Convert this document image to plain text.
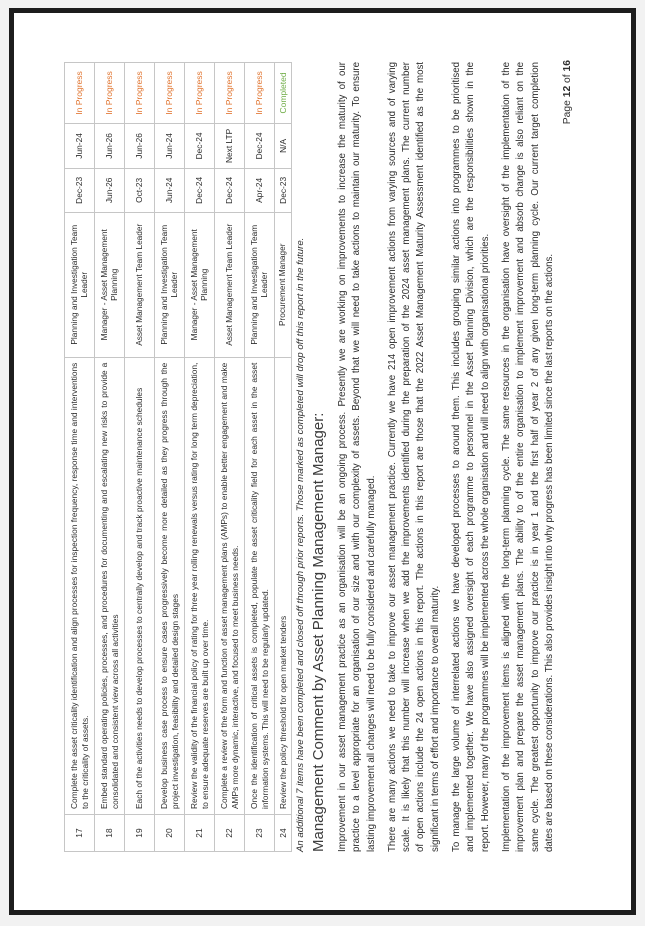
17
Complete the asset criticality identification and align processes for inspection frequency, response time and interventions to the criticality of assets.
Planning and Investigation Team Leader
Dec-23
Jun-24
In Progress
18
Embed standard operating policies, processes, and procedures for documenting and escalating new risks to provide a consolidated and consistent view across all activities
Manager - Asset Management Planning
Jun-26
Jun-26
In Progress
19
Each of the activities needs to develop processes to centrally develop and track proactive maintenance schedules
Asset Management Team Leader
Oct-23
Jun-26
In Progress
20
Develop business case process to ensure cases progressively become more detailed as they progress through the project investigation, feasibility and detailed design stages
Planning and Investigation Team Leader
Jun-24
Jun-24
In Progress
21
Review the validity of the financial policy of rating for three year rolling renewals versus rating for long term depreciation, to ensure adequate reserves are built up over time.
Manager - Asset Management Planning
Dec-24
Dec-24
In Progress
22
Complete a review of the form and function of asset management plans (AMPs) to enable better engagement and make AMPs more dynamic, interactive, and focused to meet business needs.
Asset Management Team Leader
Dec-24
Next LTP
In Progress
23
Once the identification of critical assets is completed, populate the asset criticality field for each asset in the asset information systems. This will need to be regularly updated.
Planning and Investigation Team Leader
Apr-24
Dec-24
In Progress
24
Review the policy threshold for open market tenders
Procurement Manager
Dec-23
N/A
Completed
An additional 7 items have been completed and closed off through prior reports. Those marked as completed will drop off this report in the future. Management Comment by Asset Planning Management Manager: Improvement in our asset management practice as an organisation will be an ongoing process. Presently we are working on improvements to increase the maturity of our practice to a level appropriate for an organisation of our size and with our complexity of assets. Beyond that we will need to take actions to maintain our maturity. To ensure lasting improvement all changes will need to be fully considered and carefully managed. There are many actions we need to take to improve our asset management practice. Currently we have 214 open improvement actions from varying sources and of varying scale. It is likely that this number will increase when we add the improvements identified during the preparation of the 2024 asset management plans. The current number of open actions include the 24 open actions in this report. The actions in this report are those that the 2022 Asset Management Maturity Assessment identified as the most significant in terms of effort and importance to overall maturity. To manage the large volume of interrelated actions we have developed processes to around them. This includes grouping similar actions into programmes to be prioritised and implemented together. We have also assigned oversight of each programme to personnel in the Asset Planning Division, which are the responsibilities shown in the report. However, many of the programmes will be implemented across the whole organisation and will need to align with organisational priorities. Implementation of the improvement items is aligned with the long-term planning cycle. The same resources in the organisation have oversight of the implementation of the improvement plan and prepare the asset management plans. The ability to of the entire organisation to implement improvement and absorb change is also reliant on the same cycle. The greatest opportunity to improve our practice is in year 1 and the first half of year 2 of any given long-term planning cycle. Our current target completion dates are based on these considerations. This also provides insight into why progress has been limited since the last reports on the actions.
Page 12 of 16
